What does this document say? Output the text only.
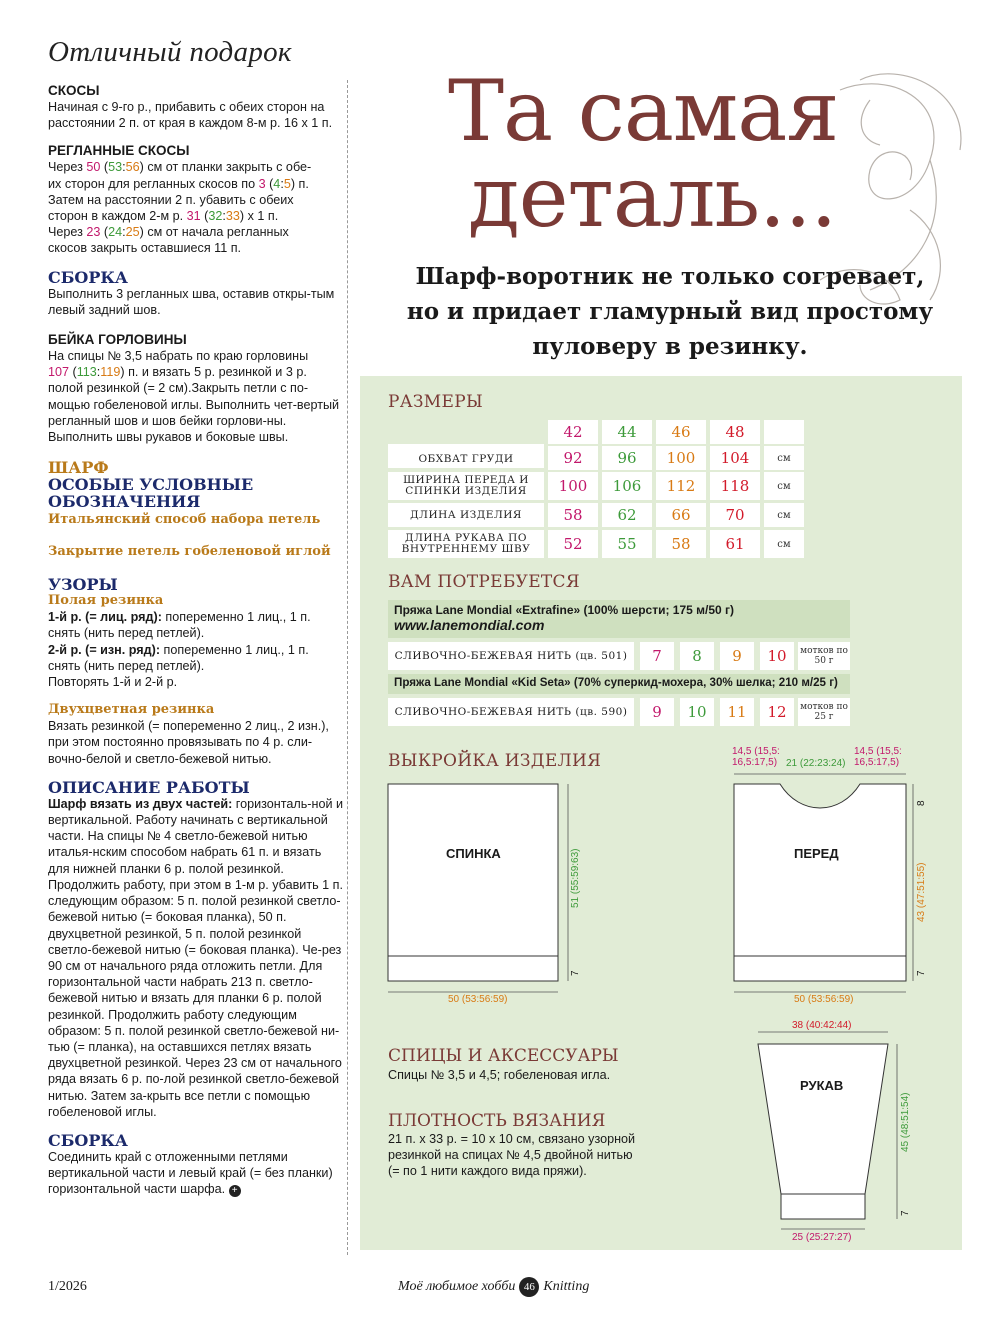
Отличный подарок
СКОСЫ
Начиная с 9-го р., прибавить с обеих сторон на расстоянии 2 п. от края в каждом 8-м р. 16 х 1 п.
РЕГЛАННЫЕ СКОСЫ
Через 50 (53:56) см от планки закрыть с обе-
их сторон для регланных скосов по 3 (4:5) п.
Затем на расстоянии 2 п. убавить с обеих
сторон в каждом 2-м р. 31 (32:33) х 1 п.
Через 23 (24:25) см от начала регланных
скосов закрыть оставшиеся 11 п.
СБОРКА
Выполнить 3 регланных шва, оставив откры-тым левый задний шов.
БЕЙКА ГОРЛОВИНЫ
На спицы № 3,5 набрать по краю горловины
107 (113:119) п. и вязать 5 р. резинкой и 3 р.
полой резинкой (= 2 см).Закрыть петли с по-мощью гобеленовой иглы. Выполнить чет-вертый регланный шов и шов бейки горлови-ны. Выполнить швы рукавов и боковые швы.
ШАРФ
ОСОБЫЕ УСЛОВНЫЕ ОБОЗНАЧЕНИЯ
Итальянский способ набора петель
Закрытие петель гобеленовой иглой
УЗОРЫ
Полая резинка
1-й р. (= лиц. ряд): попеременно 1 лиц., 1 п. снять (нить перед петлей).
2-й р. (= изн. ряд): попеременно 1 лиц., 1 п. снять (нить перед петлей).
Повторять 1-й и 2-й р.
Двухцветная резинка
Вязать резинкой (= попеременно 2 лиц., 2 изн.), при этом постоянно провязывать по 4 р. сли-вочно-белой и светло-бежевой нитью.
ОПИСАНИЕ РАБОТЫ
Шарф вязать из двух частей: горизонталь-ной и вертикальной. Работу начинать с вертикальной части. На спицы № 4 светло-бежевой нитью италья-нским способом набрать 61 п. и вязать для нижней планки 6 р. полой резинкой. Продолжить работу, при этом в 1-м р. убавить 1 п. следующим образом: 5 п. полой резинкой светло-бежевой нитью (= боковая планка), 50 п. двухцветной резинкой, 5 п. полой резинкой светло-бежевой нитью (= боковая планка). Че-рез 90 см от начального ряда отложить петли. Для горизонтальной части набрать 213 п. светло-бежевой нитью и вязать для планки 6 р. полой резинкой. Продолжить работу следующим образом: 5 п. полой резинкой светло-бежевой ни-тью (= планка), на оставшихся петлях вязать двухцветной резинкой. Через 23 см от начального ряда вязать 6 р. по-лой резинкой светло-бежевой нитью. Затем за-крыть все петли с помощью гобеленовой иглы.
СБОРКА
Соединить край с отложенными петлями вертикальной части и левый край (= без планки) горизонтальной части шарфа. +
Та самая
деталь...
Шарф-воротник не только согревает,
но и придает гламурный вид простому
пуловеру в резинку.
РАЗМЕРЫ
42	44	46	48
ОБХВАТ ГРУДИ	92	96	100	104	см
ШИРИНА ПЕРЕДА И СПИНКИ ИЗДЕЛИЯ	100	106	112	118	см
ДЛИНА ИЗДЕЛИЯ	58	62	66	70	см
ДЛИНА РУКАВА ПО ВНУТРЕННЕМУ ШВУ	52	55	58	61	см
ВАМ ПОТРЕБУЕТСЯ
Пряжа Lane Mondial «Extrafine» (100% шерсти; 175 м/50 г)
www.lanemondial.com
СЛИВОЧНО-БЕЖЕВАЯ НИТЬ (цв. 501)	7	8	9	10	мотков по 50 г
Пряжа Lane Mondial «Kid Seta» (70% суперкид-мохера, 30% шелка; 210 м/25 г)
СЛИВОЧНО-БЕЖЕВАЯ НИТЬ (цв. 590)	9	10	11	12	мотков по 25 г
ВЫКРОЙКА ИЗДЕЛИЯ
СПИНКА	ПЕРЕД
РУКАВ
51 (55:59:63)
7
50 (53:56:59)
14,5 (15,5: 16,5:17,5) 21 (22:23:24)
14,5 (15,5: 16,5:17,5)
8
43 (47:51:55)
7
50 (53:56:59)
38 (40:42:44)
45 (48:51:54)
7
25 (25:27:27)
СПИЦЫ И АКСЕССУАРЫ
Спицы № 3,5 и 4,5; гобеленовая игла.
ПЛОТНОСТЬ ВЯЗАНИЯ
21 п. х 33 р. = 10 х 10 см, связано узорной
резинкой на спицах № 4,5 двойной нитью
(= по 1 нити каждого вида пряжи).
1/2026	Моё любимое хобби 46 Knitting
